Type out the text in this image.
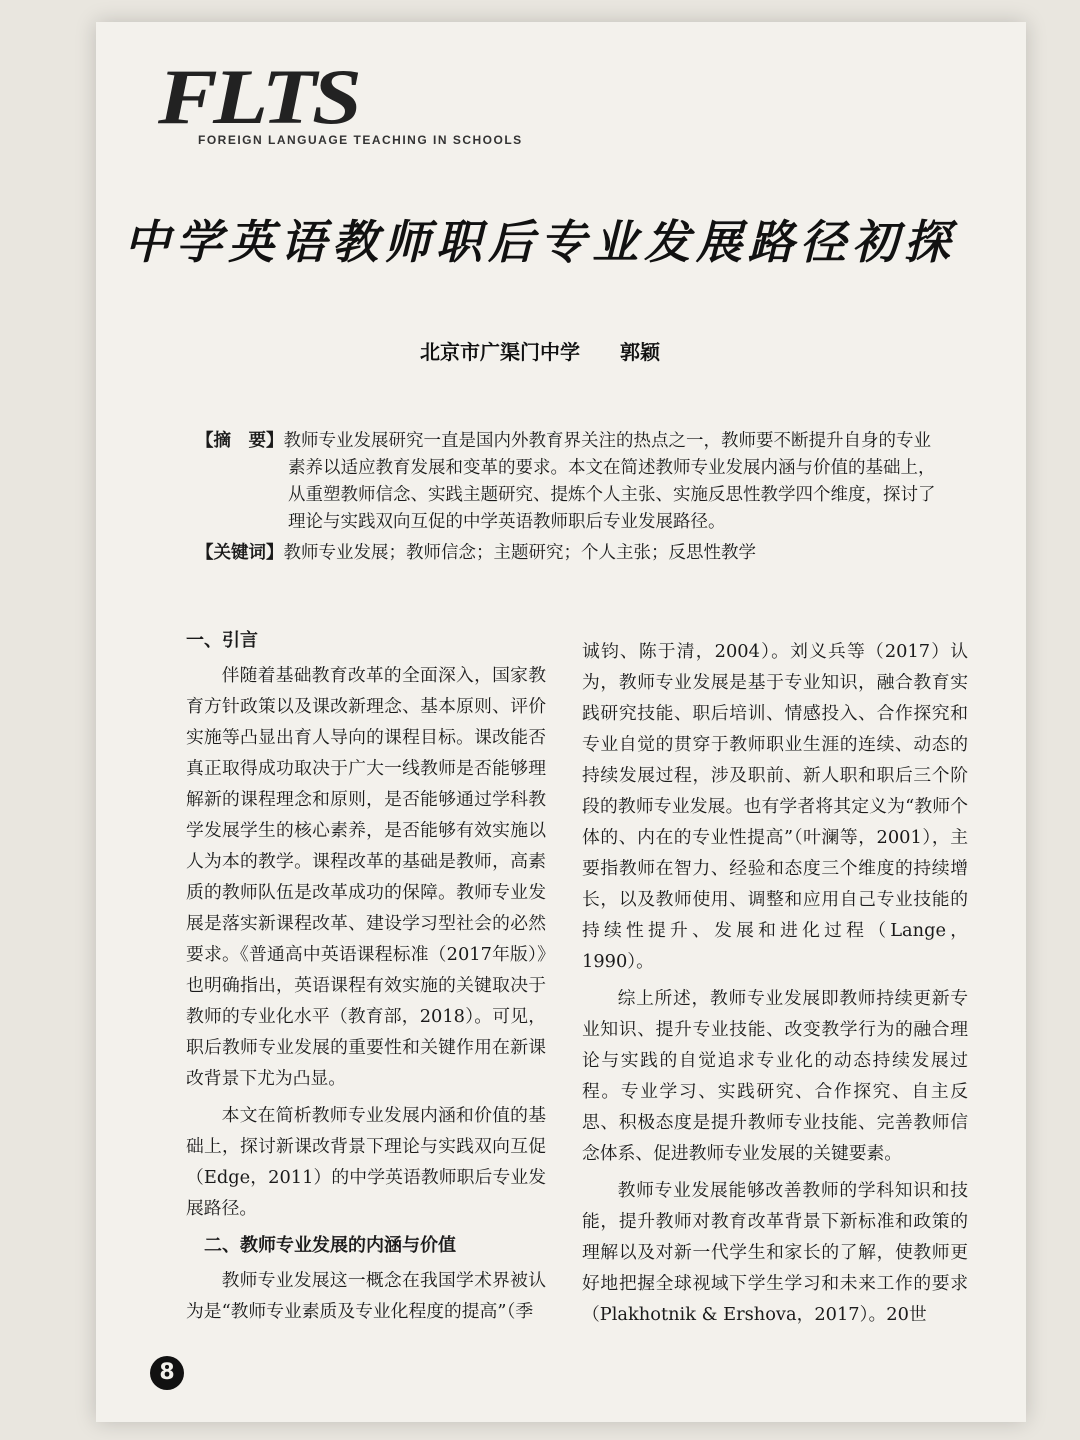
FLTS
FOREIGN LANGUAGE TEACHING IN SCHOOLS
中学英语教师职后专业发展路径初探
北京市广渠门中学 郭颖

【摘　要】教师专业发展研究一直是国内外教育界关注的热点之一，教师要不断提升自身的专业素养以适应教育发展和变革的要求。本文在简述教师专业发展内涵与价值的基础上，从重塑教师信念、实践主题研究、提炼个人主张、实施反思性教学四个维度，探讨了理论与实践双向互促的中学英语教师职后专业发展路径。

【关键词】教师专业发展；教师信念；主题研究；个人主张；反思性教学

一、引言

伴随着基础教育改革的全面深入，国家教育方针政策以及课改新理念、基本原则、评价实施等凸显出育人导向的课程目标。课改能否真正取得成功取决于广大一线教师是否能够理解新的课程理念和原则，是否能够通过学科教学发展学生的核心素养，是否能够有效实施以人为本的教学。课程改革的基础是教师，高素质的教师队伍是改革成功的保障。教师专业发展是落实新课程改革、建设学习型社会的必然要求。《普通高中英语课程标准（2017年版）》也明确指出，英语课程有效实施的关键取决于教师的专业化水平（教育部，2018）。可见，职后教师专业发展的重要性和关键作用在新课改背景下尤为凸显。

本文在简析教师专业发展内涵和价值的基础上，探讨新课改背景下理论与实践双向互促（Edge，2011）的中学英语教师职后专业发展路径。

二、教师专业发展的内涵与价值

教师专业发展这一概念在我国学术界被认为是“教师专业素质及专业化程度的提高”（季

诚钧、陈于清，2004）。刘义兵等（2017）认为，教师专业发展是基于专业知识，融合教育实践研究技能、职后培训、情感投入、合作探究和专业自觉的贯穿于教师职业生涯的连续、动态的持续发展过程，涉及职前、新人职和职后三个阶段的教师专业发展。也有学者将其定义为“教师个体的、内在的专业性提高”（叶澜等，2001），主要指教师在智力、经验和态度三个维度的持续增长，以及教师使用、调整和应用自己专业技能的持续性提升、发展和进化过程（Lange，1990）。

综上所述，教师专业发展即教师持续更新专业知识、提升专业技能、改变教学行为的融合理论与实践的自觉追求专业化的动态持续发展过程。专业学习、实践研究、合作探究、自主反思、积极态度是提升教师专业技能、完善教师信念体系、促进教师专业发展的关键要素。

教师专业发展能够改善教师的学科知识和技能，提升教师对教育改革背景下新标准和政策的理解以及对新一代学生和家长的了解，使教师更好地把握全球视域下学生学习和未来工作的要求（Plakhotnik & Ershova，2017）。20世

8
